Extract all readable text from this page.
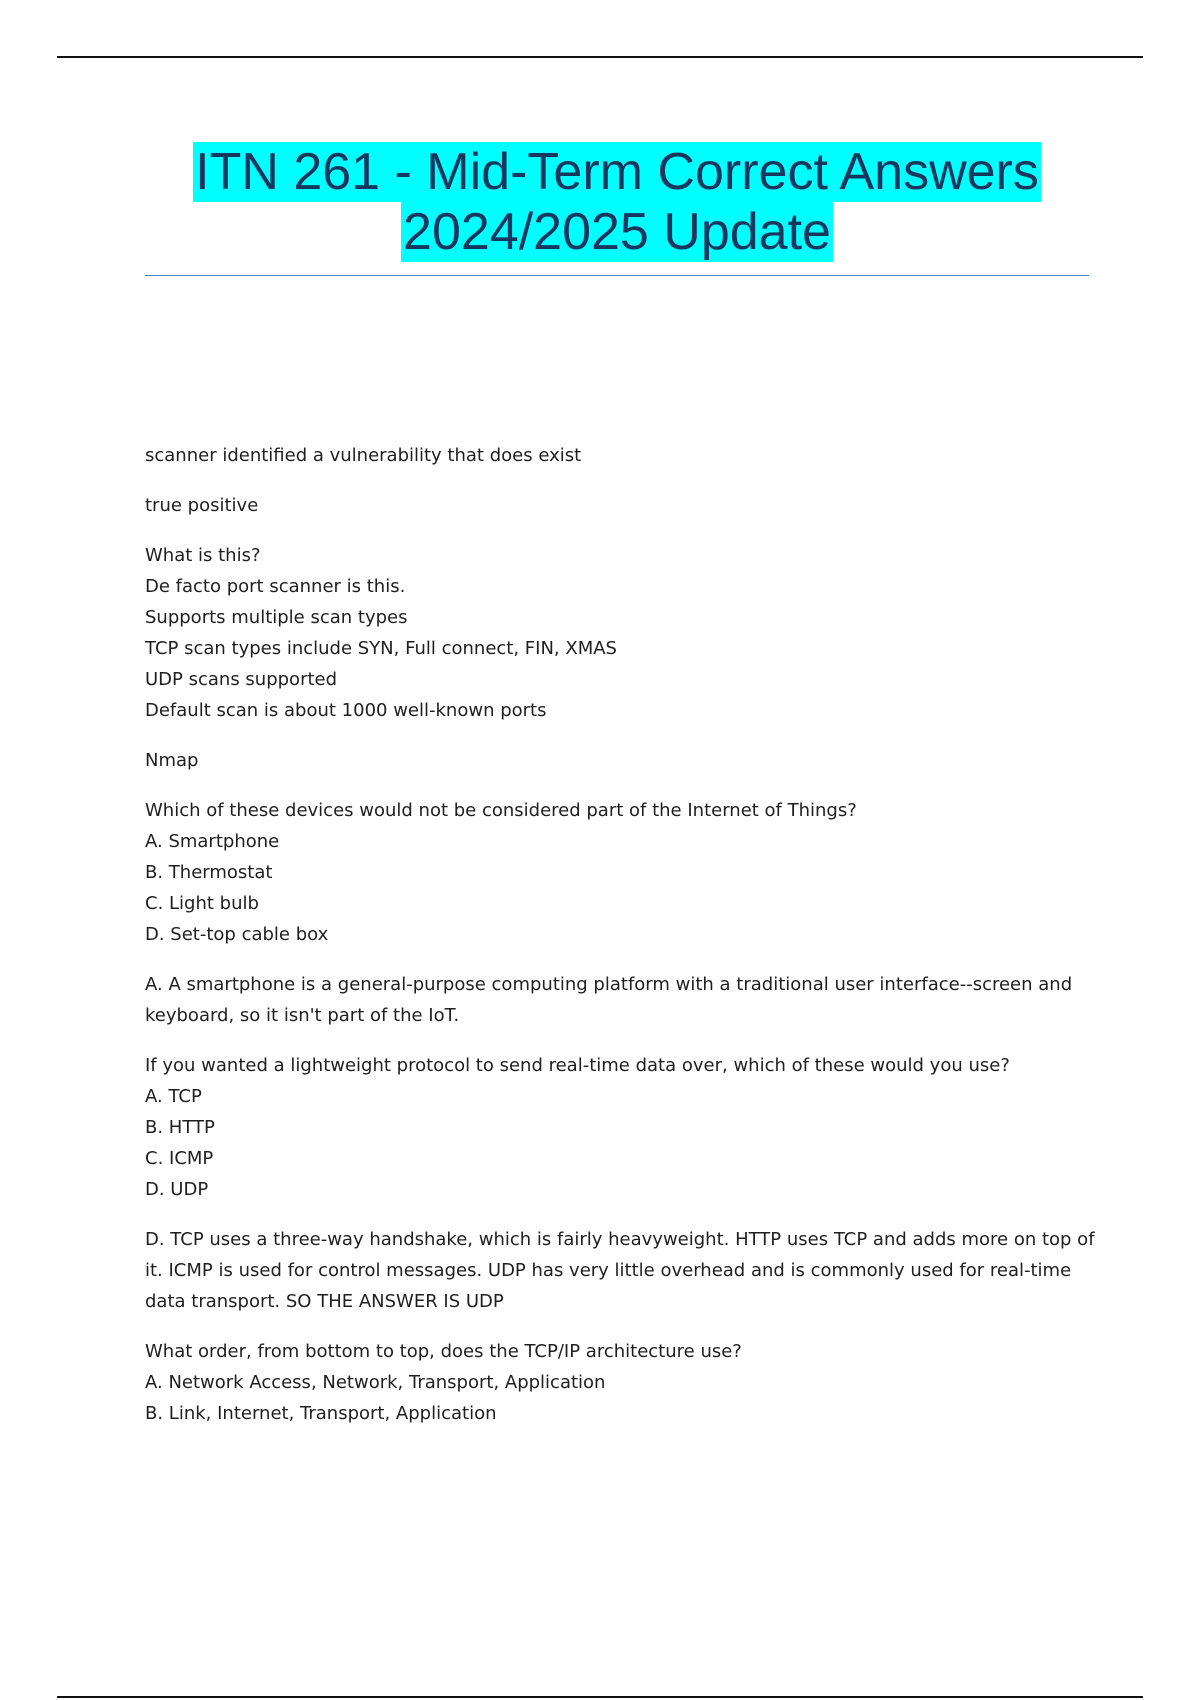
ITN 261 - Mid-Term Correct Answers
2024/2025 Update
scanner identified a vulnerability that does exist
true positive
What is this?
De facto port scanner is this.
Supports multiple scan types
TCP scan types include SYN, Full connect, FIN, XMAS
UDP scans supported
Default scan is about 1000 well-known ports
Nmap
Which of these devices would not be considered part of the Internet of Things?
A. Smartphone
B. Thermostat
C. Light bulb
D. Set-top cable box
A. A smartphone is a general-purpose computing platform with a traditional user interface--screen and keyboard, so it isn't part of the IoT.
If you wanted a lightweight protocol to send real-time data over, which of these would you use?
A. TCP
B. HTTP
C. ICMP
D. UDP
D. TCP uses a three-way handshake, which is fairly heavyweight. HTTP uses TCP and adds more on top of it. ICMP is used for control messages. UDP has very little overhead and is commonly used for real-time data transport. SO THE ANSWER IS UDP
What order, from bottom to top, does the TCP/IP architecture use?
A. Network Access, Network, Transport, Application
B. Link, Internet, Transport, Application
